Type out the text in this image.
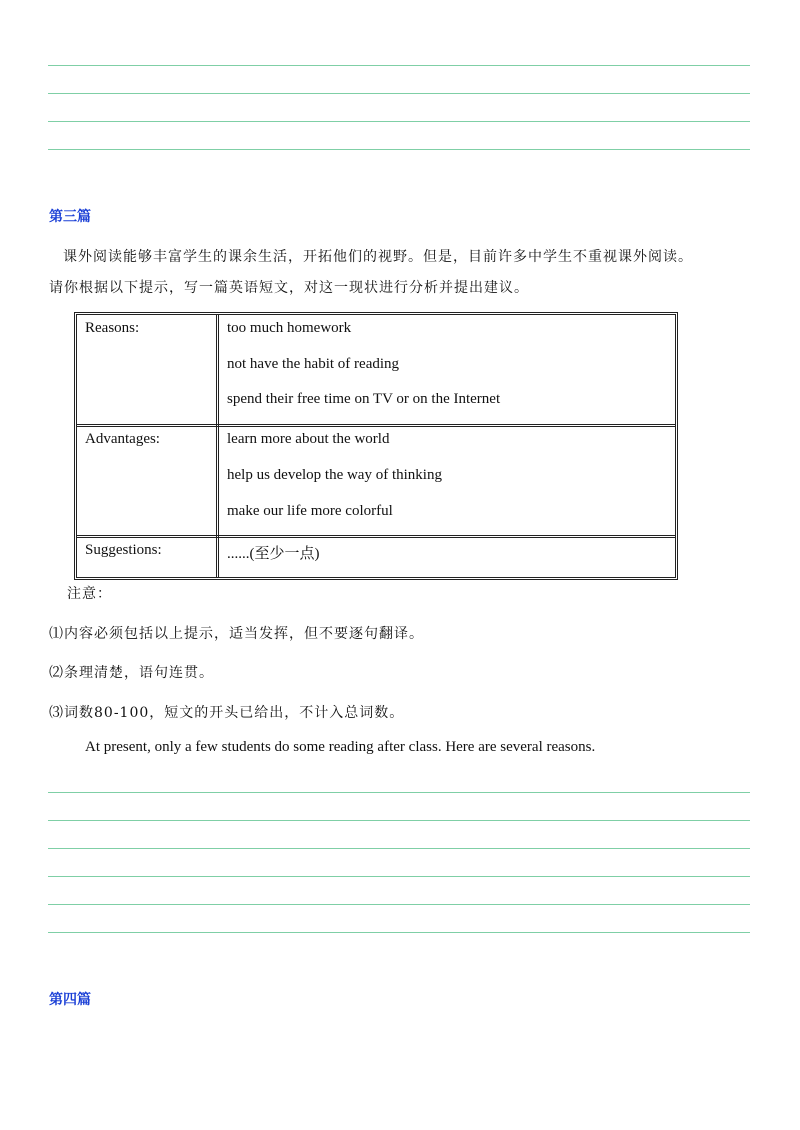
第三篇
课外阅读能够丰富学生的课余生活，开拓他们的视野。但是，目前许多中学生不重视课外阅读。
请你根据以下提示，写一篇英语短文，对这一现状进行分析并提出建议。
Reasons:	too much homework
not have the habit of reading
spend their free time on TV or on the Internet
Advantages:	learn more about the world
help us develop the way of thinking
make our life more colorful
Suggestions:	......(至少一点)
注意：
⑴内容必须包括以上提示，适当发挥，但不要逐句翻译。
⑵条理清楚，语句连贯。
⑶词数80-100，短文的开头已给出，不计入总词数。
At present, only a few students do some reading after class. Here are several reasons.
第四篇
